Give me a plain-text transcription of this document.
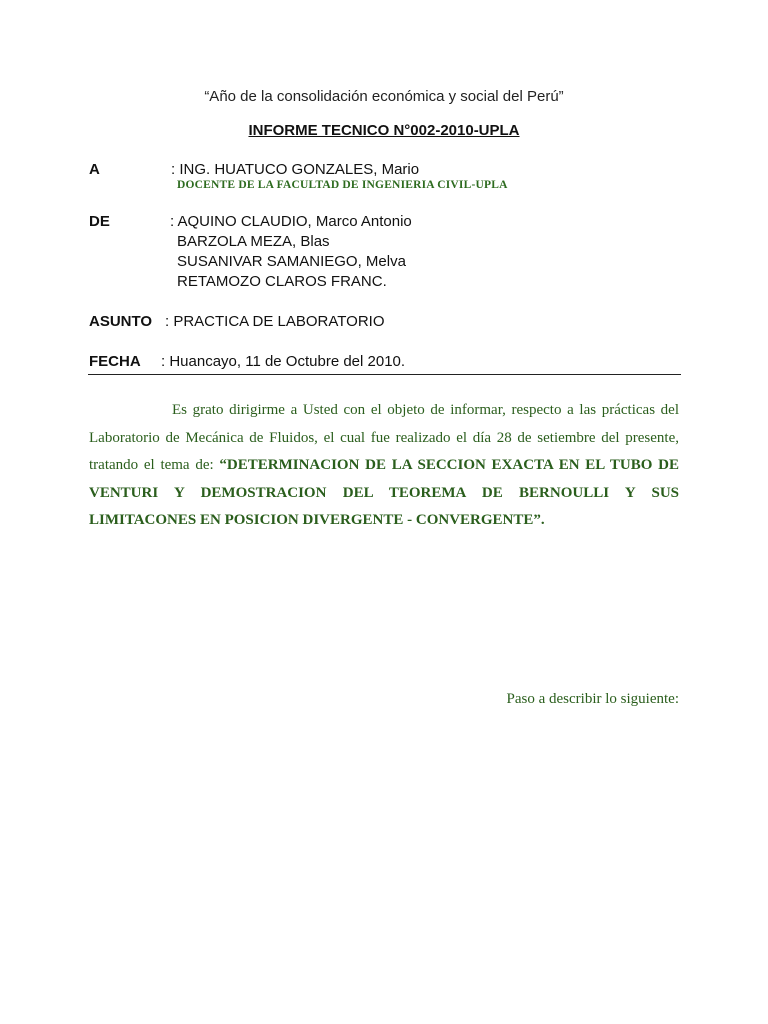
“Año de la consolidación económica y social del Perú”
INFORME TECNICO N°002-2010-UPLA
A	: ING. HUATUCO GONZALES, Mario
DOCENTE DE LA FACULTAD DE INGENIERIA CIVIL-UPLA
DE	: AQUINO CLAUDIO, Marco Antonio
BARZOLA MEZA, Blas
SUSANIVAR SAMANIEGO, Melva
RETAMOZO CLAROS FRANC.
ASUNTO : PRACTICA DE LABORATORIO
FECHA : Huancayo, 11 de Octubre del 2010.
Es grato dirigirme a Usted con el objeto de informar, respecto a las prácticas del Laboratorio de Mecánica de Fluidos, el cual fue realizado el día 28 de setiembre del presente, tratando el tema de: “DETERMINACION DE LA SECCION EXACTA EN EL TUBO DE VENTURI Y DEMOSTRACION DEL TEOREMA DE BERNOULLI Y SUS LIMITACONES EN POSICION DIVERGENTE - CONVERGENTE”.
Paso a describir lo siguiente:
